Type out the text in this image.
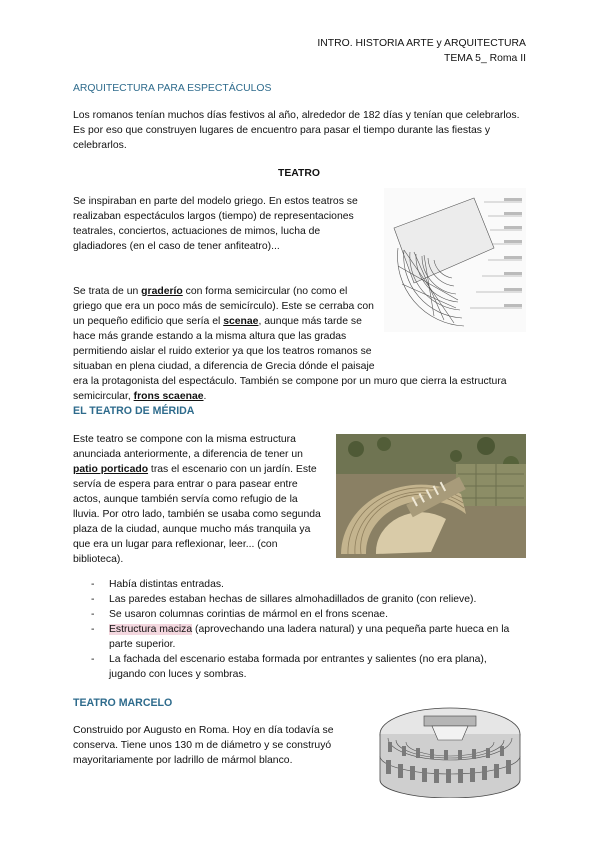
INTRO. HISTORIA ARTE y ARQUITECTURA
TEMA 5_ Roma II
ARQUITECTURA PARA ESPECTÁCULOS
Los romanos tenían muchos días festivos al año, alrededor de 182 días y tenían que celebrarlos. Es por eso que construyen lugares de encuentro para pasar el tiempo durante las fiestas y celebrarlos.
TEATRO
Se inspiraban en parte del modelo griego. En estos teatros se realizaban espectáculos largos (tiempo) de representaciones teatrales, conciertos, actuaciones de mimos, lucha de gladiadores (en el caso de tener anfiteatro)...
Se trata de un graderío con forma semicircular (no como el griego que era un poco más de semicírculo). Este se cerraba con un pequeño edificio que sería el scenae, aunque más tarde se hace más grande estando a la misma altura que las gradas permitiendo aislar el ruido exterior ya que los teatros romanos se situaban en plena ciudad, a diferencia de Grecia dónde el paisaje era la protagonista del espectáculo. También se compone por un muro que cierra la estructura semicircular, frons scaenae.
EL TEATRO DE MÉRIDA
Este teatro se compone con la misma estructura anunciada anteriormente, a diferencia de tener un patio porticado tras el escenario con un jardín. Este servía de espera para entrar o para pasear entre actos, aunque también servía como refugio de la lluvia. Por otro lado, también se usaba como segunda plaza de la ciudad, aunque mucho más tranquila ya que era un lugar para reflexionar, leer... (con biblioteca).
- Había distintas entradas.
- Las paredes estaban hechas de sillares almohadillados de granito (con relieve).
- Se usaron columnas corintias de mármol en el frons scenae.
- Estructura maciza (aprovechando una ladera natural) y una pequeña parte hueca en la parte superior.
- La fachada del escenario estaba formada por entrantes y salientes (no era plana), jugando con luces y sombras.
TEATRO MARCELO
Construido por Augusto en Roma. Hoy en día todavía se conserva. Tiene unos 130 m de diámetro y se construyó mayoritariamente por ladrillo de mármol blanco.
